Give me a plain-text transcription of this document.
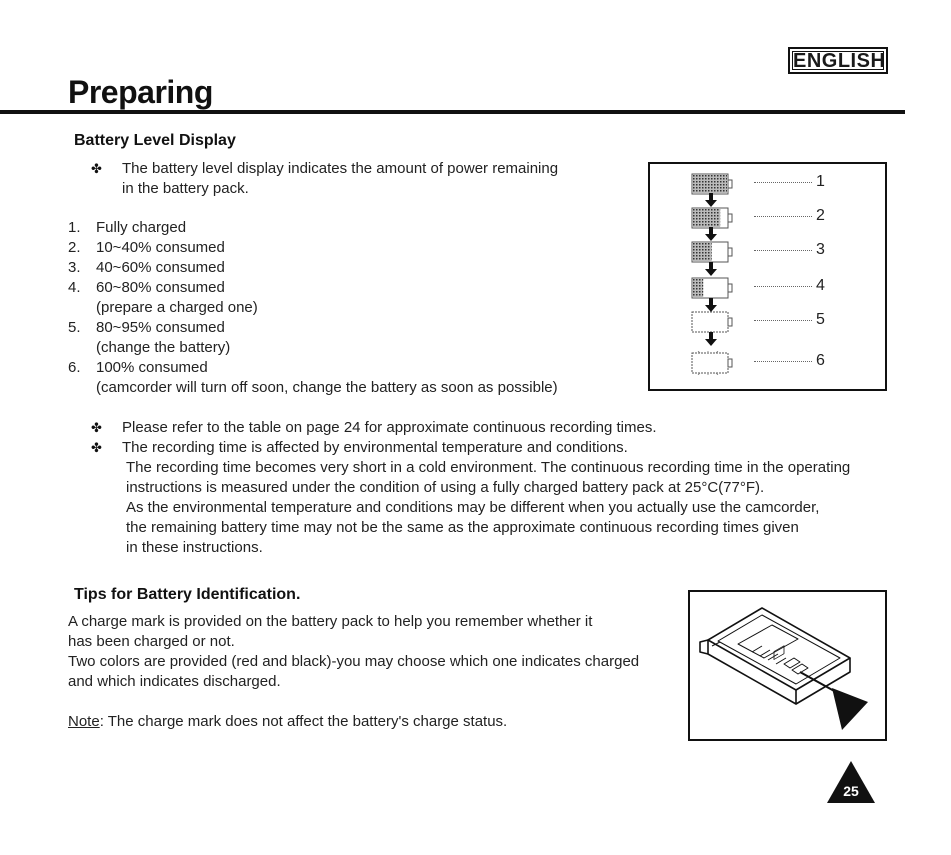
ENGLISH
Preparing
Battery Level Display
✤	The battery level display indicates the amount of power remaining
in the battery pack.
1.	Fully charged
2.	10~40% consumed
3.	40~60% consumed
4.	60~80% consumed
(prepare a charged one)
5.	80~95% consumed
(change the battery)
6.	100% consumed
(camcorder will turn off soon, change the battery as soon as possible)
1
2
3
4
5
6
✤	Please refer to the table on page 24 for approximate continuous recording times.
✤	The recording time is affected by environmental temperature and conditions.
The recording time becomes very short in a cold environment. The continuous recording time in the operating
instructions is measured under the condition of using a fully charged battery pack at 25°C(77°F).
As the environmental temperature and conditions may be different when you actually use the camcorder,
the remaining battery time may not be the same as the approximate continuous recording times given
in these instructions.
Tips for Battery Identification.
A charge mark is provided on the battery pack to help you remember whether it
has been charged or not.
Two colors are provided (red and black)-you may choose which one indicates charged
and which indicates discharged.
Note: The charge mark does not affect the battery's charge status.
25
